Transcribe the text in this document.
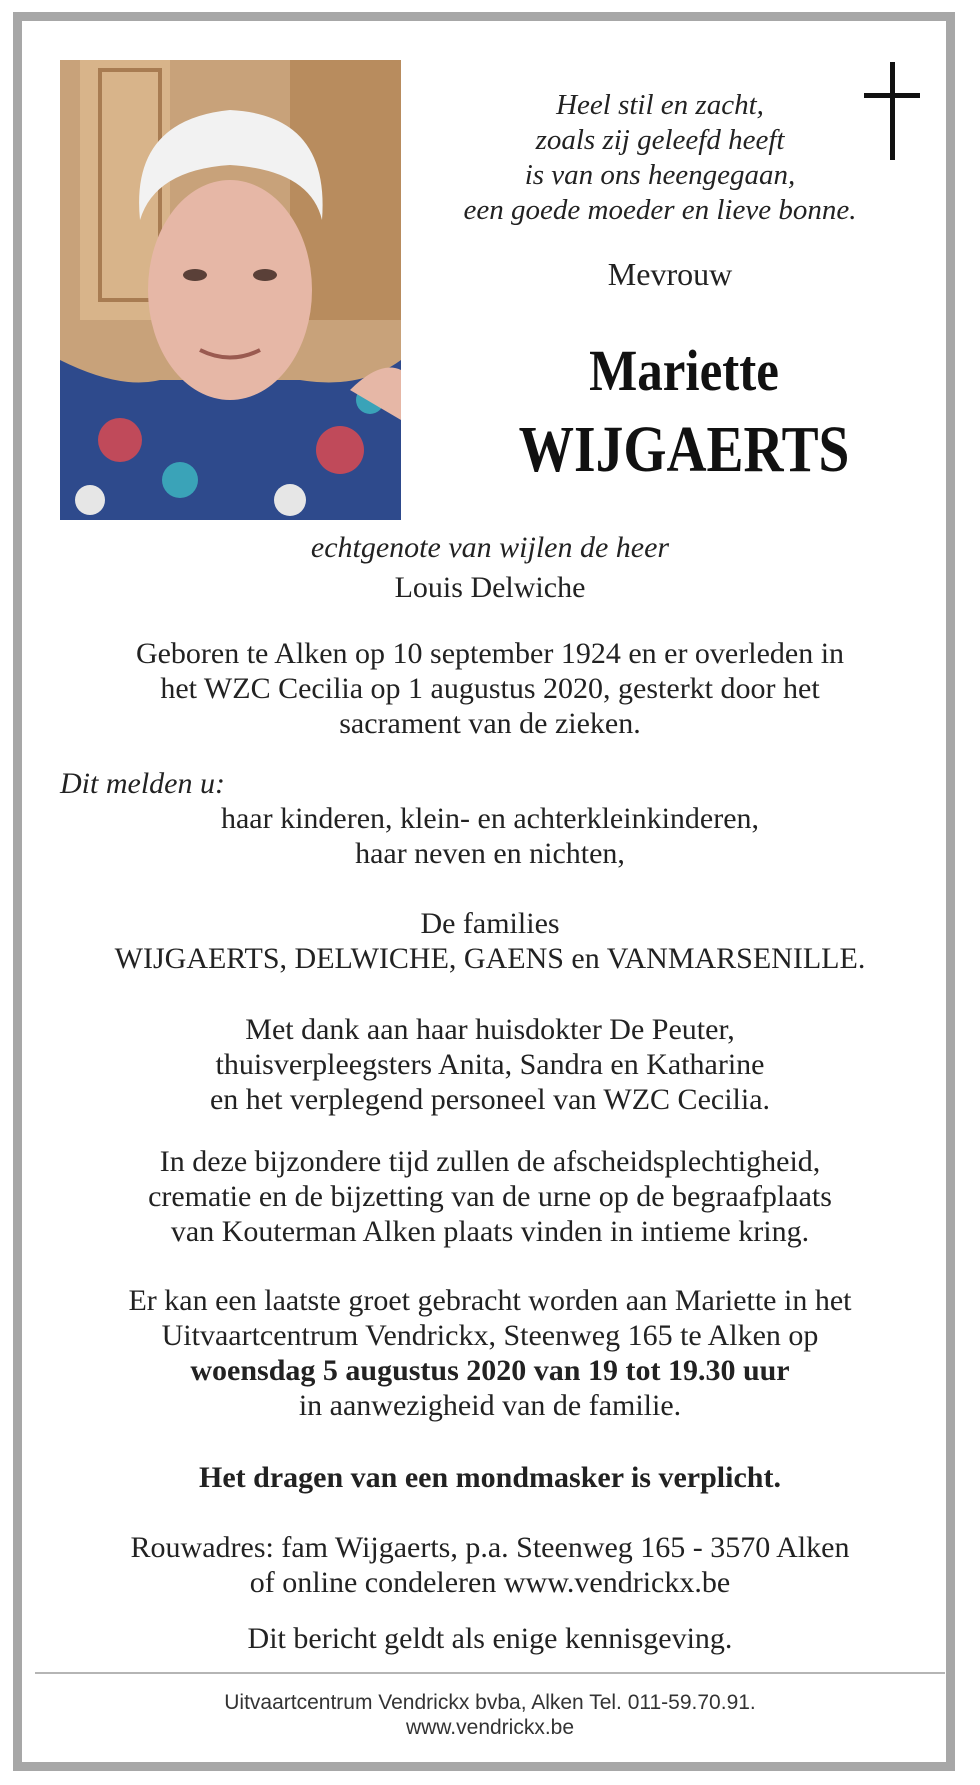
Heel stil en zacht,
zoals zij geleefd heeft
is van ons heengegaan,
een goede moeder en lieve bonne.
Mevrouw
Mariette
WIJGAERTS
echtgenote van wijlen de heer
Louis Delwiche
Geboren te Alken op 10 september 1924 en er overleden in
het WZC Cecilia op 1 augustus 2020, gesterkt door het
sacrament van de zieken.
Dit melden u:
haar kinderen, klein- en achterkleinkinderen,
haar neven en nichten,
De families
WIJGAERTS, DELWICHE, GAENS en VANMARSENILLE.
Met dank aan haar huisdokter De Peuter,
thuisverpleegsters Anita, Sandra en Katharine
en het verplegend personeel van WZC Cecilia.
In deze bijzondere tijd zullen de afscheidsplechtigheid,
crematie en de bijzetting van de urne op de begraafplaats
van Kouterman Alken plaats vinden in intieme kring.
Er kan een laatste groet gebracht worden aan Mariette in het
Uitvaartcentrum Vendrickx, Steenweg 165 te Alken op
woensdag 5 augustus 2020 van 19 tot 19.30 uur
in aanwezigheid van de familie.
Het dragen van een mondmasker is verplicht.
Rouwadres: fam Wijgaerts, p.a. Steenweg 165 - 3570 Alken
of online condeleren www.vendrickx.be
Dit bericht geldt als enige kennisgeving.
Uitvaartcentrum Vendrickx bvba, Alken Tel. 011-59.70.91.
www.vendrickx.be
